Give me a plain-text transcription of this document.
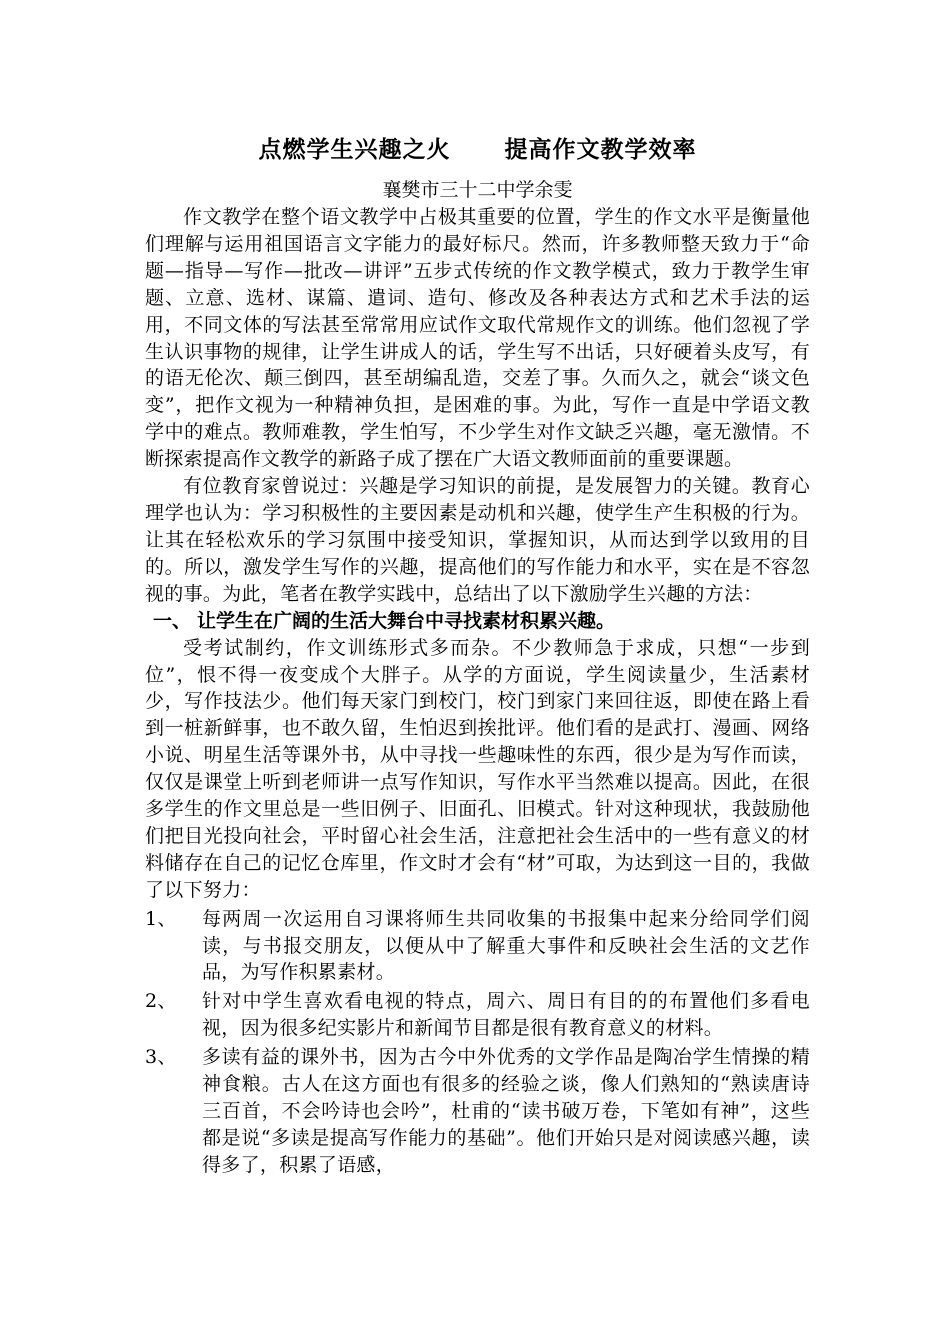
点燃学生兴趣之火      提高作文教学效率

襄樊市三十二中学余雯

作文教学在整个语文教学中占极其重要的位置，学生的作文水平是衡量他们理解与运用祖国语言文字能力的最好标尺。然而，许多教师整天致力于“命题—指导—写作—批改—讲评”五步式传统的作文教学模式，致力于教学生审题、立意、选材、谋篇、遣词、造句、修改及各种表达方式和艺术手法的运用，不同文体的写法甚至常常用应试作文取代常规作文的训练。他们忽视了学生认识事物的规律，让学生讲成人的话，学生写不出话，只好硬着头皮写，有的语无伦次、颠三倒四，甚至胡编乱造，交差了事。久而久之，就会“谈文色变”，把作文视为一种精神负担，是困难的事。为此，写作一直是中学语文教学中的难点。教师难教，学生怕写，不少学生对作文缺乏兴趣，毫无激情。不断探索提高作文教学的新路子成了摆在广大语文教师面前的重要课题。

有位教育家曾说过：兴趣是学习知识的前提，是发展智力的关键。教育心理学也认为：学习积极性的主要因素是动机和兴趣，使学生产生积极的行为。让其在轻松欢乐的学习氛围中接受知识，掌握知识，从而达到学以致用的目的。所以，激发学生写作的兴趣，提高他们的写作能力和水平，实在是不容忽视的事。为此，笔者在教学实践中，总结出了以下激励学生兴趣的方法：

一、 让学生在广阔的生活大舞台中寻找素材积累兴趣。

受考试制约，作文训练形式多而杂。不少教师急于求成，只想“一步到位”，恨不得一夜变成个大胖子。从学的方面说，学生阅读量少，生活素材少，写作技法少。他们每天家门到校门，校门到家门来回往返，即使在路上看到一桩新鲜事，也不敢久留，生怕迟到挨批评。他们看的是武打、漫画、网络小说、明星生活等课外书，从中寻找一些趣味性的东西，很少是为写作而读，仅仅是课堂上听到老师讲一点写作知识，写作水平当然难以提高。因此，在很多学生的作文里总是一些旧例子、旧面孔、旧模式。针对这种现状，我鼓励他们把目光投向社会，平时留心社会生活，注意把社会生活中的一些有意义的材料储存在自己的记忆仓库里，作文时才会有“材”可取，为达到这一目的，我做了以下努力：

1、 每两周一次运用自习课将师生共同收集的书报集中起来分给同学们阅读，与书报交朋友，以便从中了解重大事件和反映社会生活的文艺作品，为写作积累素材。
2、 针对中学生喜欢看电视的特点，周六、周日有目的的布置他们多看电视，因为很多纪实影片和新闻节目都是很有教育意义的材料。
3、 多读有益的课外书，因为古今中外优秀的文学作品是陶冶学生情操的精神食粮。古人在这方面也有很多的经验之谈，像人们熟知的“熟读唐诗三百首，不会吟诗也会吟”，杜甫的“读书破万卷，下笔如有神”，这些都是说“多读是提高写作能力的基础”。他们开始只是对阅读感兴趣，读得多了，积累了语感，
